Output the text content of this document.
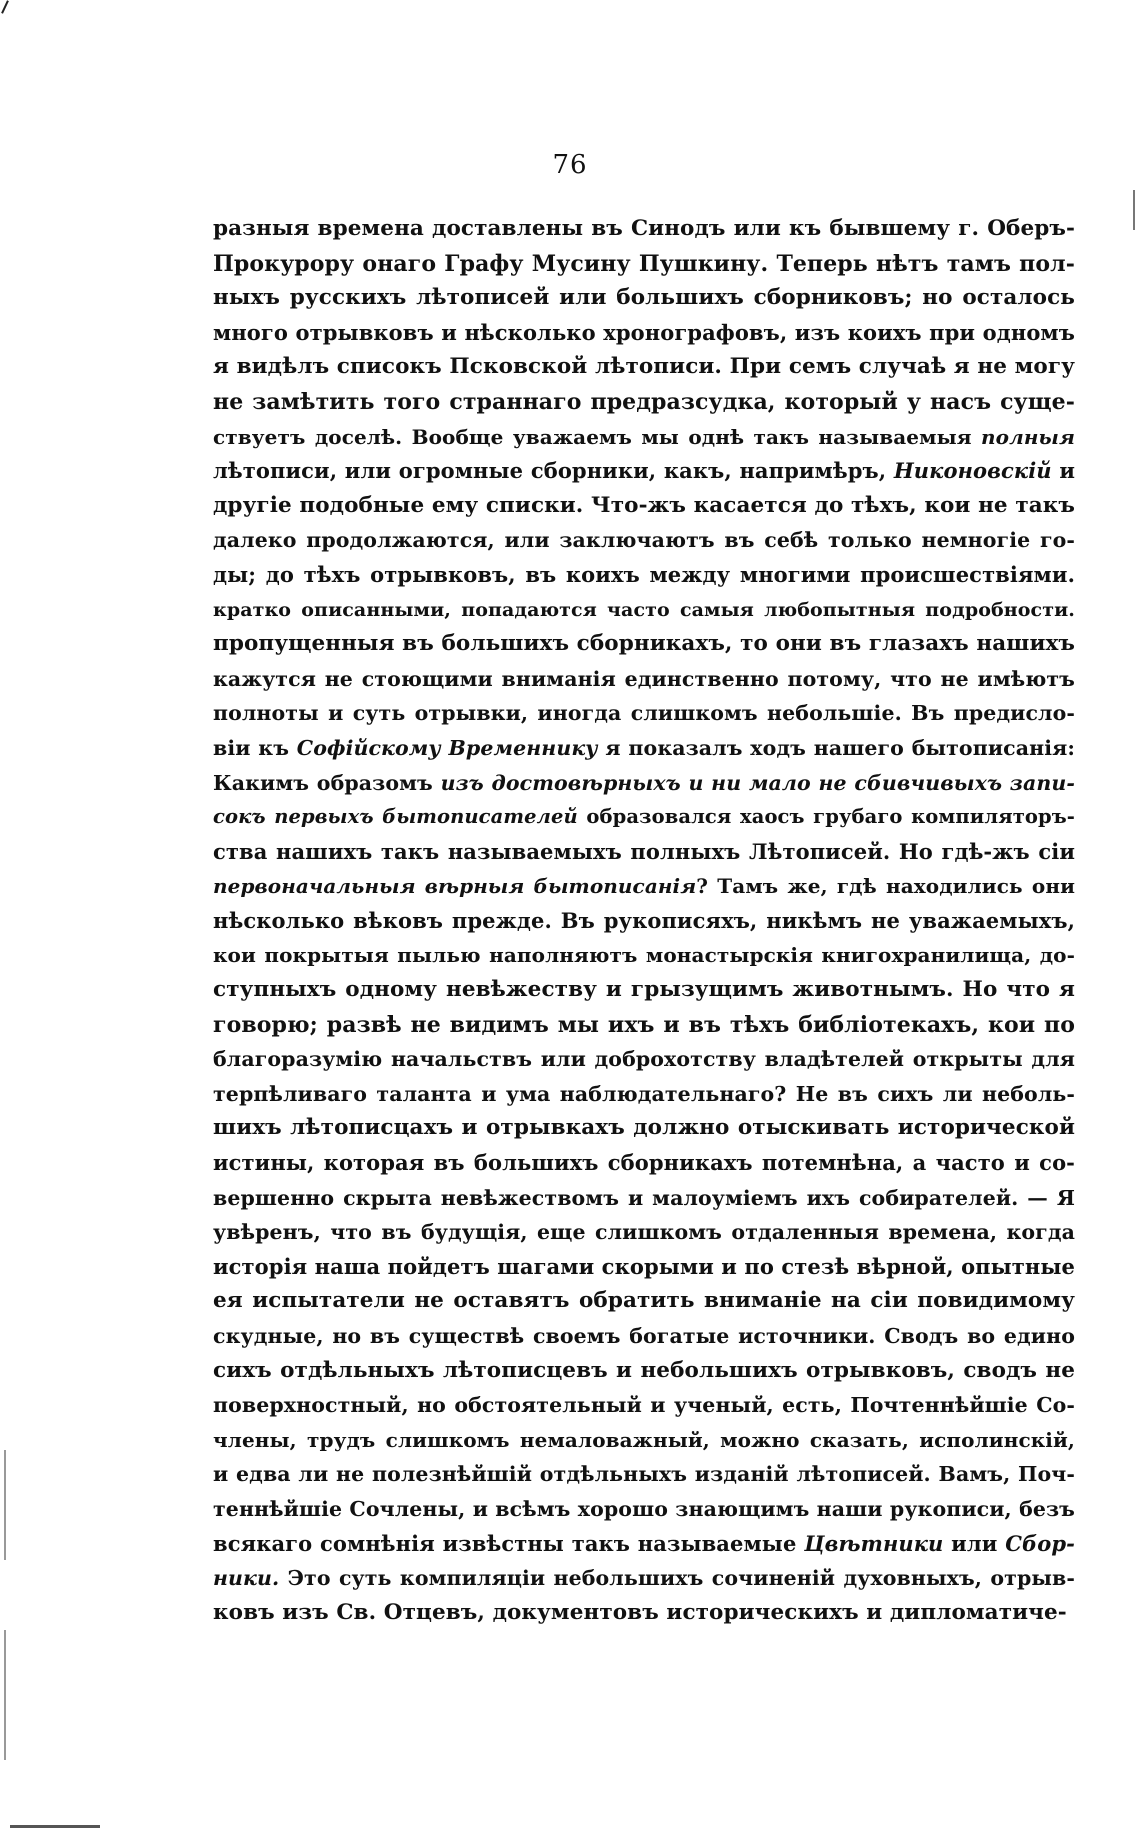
76
разныя времена доставлены въ Синодъ или къ бывшему г. Оберъ-
Прокурору онаго Графу Мусину Пушкину. Теперь нѣтъ тамъ пол-
ныхъ русскихъ лѣтописей или большихъ сборниковъ; но осталось
много отрывковъ и нѣсколько хронографовъ, изъ коихъ при одномъ
я видѣлъ списокъ Псковской лѣтописи. При семъ случаѣ я не могу
не замѣтить того страннаго предразсудка, который у насъ суще-
ствуетъ доселѣ. Вообще уважаемъ мы однѣ такъ называемыя полныя
лѣтописи, или огромные сборники, какъ, напримѣръ, Никоновскій и
другіе подобные ему списки. Что-жъ касается до тѣхъ, кои не такъ
далеко продолжаются, или заключаютъ въ себѣ только немногіе го-
ды; до тѣхъ отрывковъ, въ коихъ между многими происшествіями.
кратко описанными, попадаются часто самыя любопытныя подробности.
пропущенныя въ большихъ сборникахъ, то они въ глазахъ нашихъ
кажутся не стоющими вниманія единственно потому, что не имѣютъ
полноты и суть отрывки, иногда слишкомъ небольшіе. Въ предисло-
віи къ Софійскому Временнику я показалъ ходъ нашего бытописанія:
Какимъ образомъ изъ достовѣрныхъ и ни мало не сбивчивыхъ запи-
сокъ первыхъ бытописателей образовался хаосъ грубаго компиляторъ-
ства нашихъ такъ называемыхъ полныхъ Лѣтописей. Но гдѣ-жъ сіи
первоначальныя вѣрныя бытописанія? Тамъ же, гдѣ находились они
нѣсколько вѣковъ прежде. Въ рукописяхъ, никѣмъ не уважаемыхъ,
кои покрытыя пылью наполняютъ монастырскія книгохранилища, до-
ступныхъ одному невѣжеству и грызущимъ животнымъ. Но что я
говорю; развѣ не видимъ мы ихъ и въ тѣхъ библіотекахъ, кои по
благоразумію начальствъ или доброхотству владѣтелей открыты для
терпѣливаго таланта и ума наблюдательнаго? Не въ сихъ ли неболь-
шихъ лѣтописцахъ и отрывкахъ должно отыскивать исторической
истины, которая въ большихъ сборникахъ потемнѣна, а часто и со-
вершенно скрыта невѣжествомъ и малоуміемъ ихъ собирателей. — Я
увѣренъ, что въ будущія, еще слишкомъ отдаленныя времена, когда
исторія наша пойдетъ шагами скорыми и по стезѣ вѣрной, опытные
ея испытатели не оставятъ обратить вниманіе на сіи повидимому
скудные, но въ существѣ своемъ богатые источники. Сводъ во едино
сихъ отдѣльныхъ лѣтописцевъ и небольшихъ отрывковъ, сводъ не
поверхностный, но обстоятельный и ученый, есть, Почтеннѣйшіе Со-
члены, трудъ слишкомъ немаловажный, можно сказать, исполинскій,
и едва ли не полезнѣйшій отдѣльныхъ изданій лѣтописей. Вамъ, Поч-
теннѣйшіе Сочлены, и всѣмъ хорошо знающимъ наши рукописи, безъ
всякаго сомнѣнія извѣстны такъ называемые Цвѣтники или Сбор-
ники. Это суть компиляціи небольшихъ сочиненій духовныхъ, отрыв-
ковъ изъ Св. Отцевъ, документовъ историческихъ и дипломатиче-
